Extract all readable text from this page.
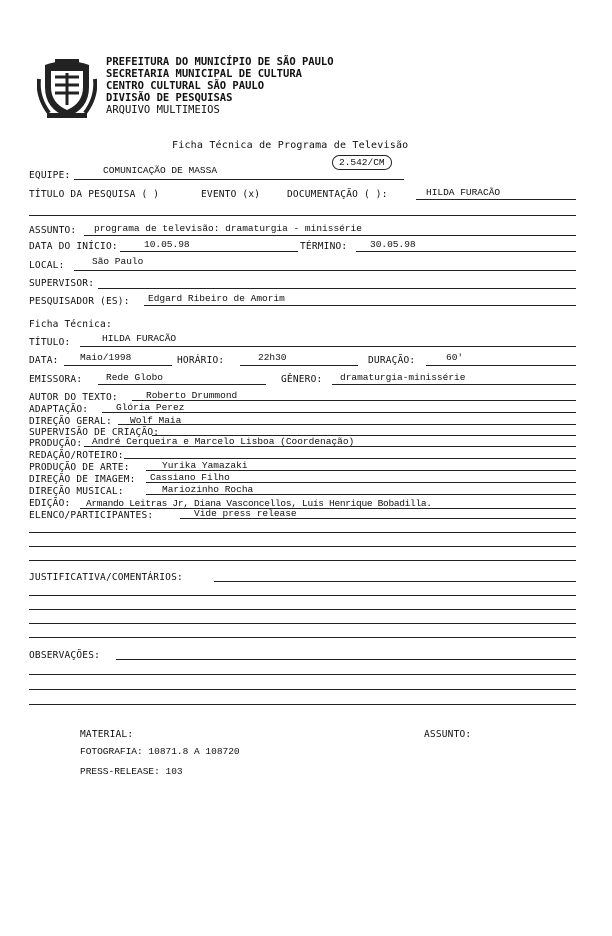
PREFEITURA DO MUNICÍPIO DE SÃO PAULO
SECRETARIA MUNICIPAL DE CULTURA
CENTRO CULTURAL SÃO PAULO
DIVISÃO DE PESQUISAS
ARQUIVO MULTIMEIOS
Ficha Técnica de Programa de Televisão
EQUIPE:	COMUNICAÇÃO DE MASSA
2.542/CM
TÍTULO DA PESQUISA ( )	EVENTO (x)	DOCUMENTAÇÃO ( ):	HILDA FURACÃO
ASSUNTO: programa de televisão: dramaturgia - minissérie
DATA DO INÍCIO:	10.05.98	TÉRMINO: 30.05.98
LOCAL:	São Paulo
SUPERVISOR:
PESQUISADOR (ES): Edgard Ribeiro de Amorim
Ficha Técnica:
TÍTULO:	HILDA FURACÃO
DATA: Maio/1998	HORÁRIO:	22h30	DURAÇÃO:	60'
EMISSORA: Rede Globo	GÊNERO: dramaturgia-minissérie
AUTOR DO TEXTO:	Roberto Drummond
ADAPTAÇÃO:	Glória Perez
DIREÇÃO GERAL: Wolf Maia
SUPERVISÃO DE CRIAÇÃO:
PRODUÇÃO: André Cerqueira e Marcelo Lisboa (Coordenação)
REDAÇÃO/ROTEIRO:
PRODUÇÃO DE ARTE:	Yurika Yamazaki
DIREÇÃO DE IMAGEM: Cassiano Filho
DIREÇÃO MUSICAL:	Mariozinho Rocha
EDIÇÃO: Armando Leitras Jr, Diana Vasconcellos, Luís Henrique Bobadilla.
ELENCO/PARTICIPANTES:	Vide press release
JUSTIFICATIVA/COMENTÁRIOS:
OBSERVAÇÕES:
MATERIAL:	ASSUNTO:
FOTOGRAFIA: 10871.8 A 108720
PRESS-RELEASE: 103
